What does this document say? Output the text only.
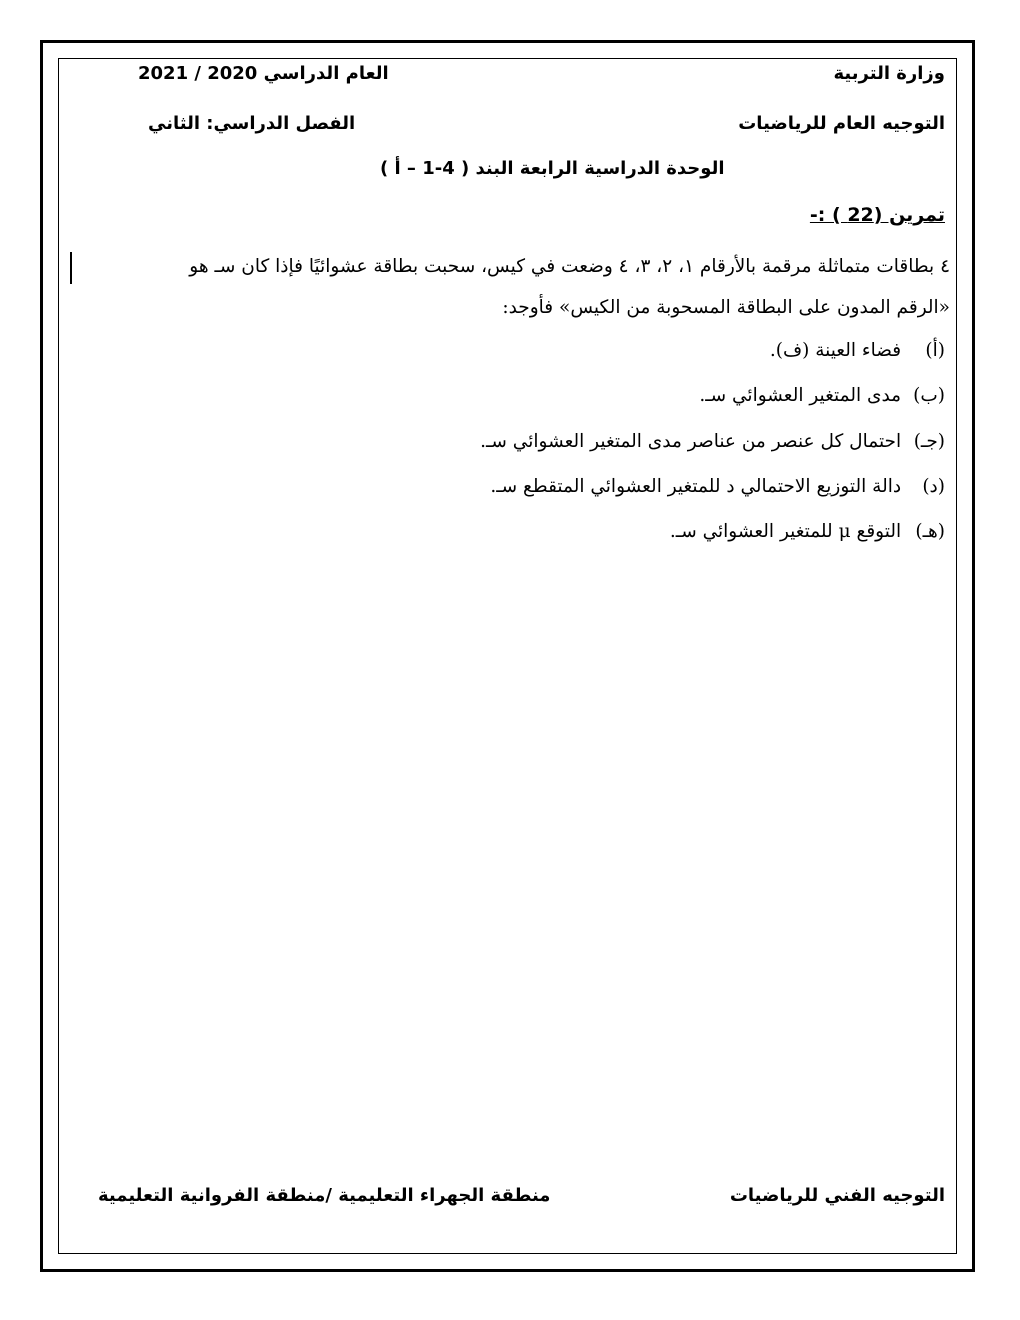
وزارة التربية
العام الدراسي 2021 / 2020
التوجيه العام للرياضيات
الفصل الدراسي: الثاني
الوحدة الدراسية الرابعة البند ( 4-1 – أ )
تمرين (22 ) :-
٤ بطاقات متماثلة مرقمة بالأرقام ١، ٢، ٣، ٤ وضعت في كيس، سحبت بطاقة عشوائيًا فإذا كان سـ هو
«الرقم المدون على البطاقة المسحوبة من الكيس» فأوجد:
(أ) فضاء العينة (ف).
(ب) مدى المتغير العشوائي سـ.
(جـ) احتمال كل عنصر من عناصر مدى المتغير العشوائي سـ.
(د) دالة التوزيع الاحتمالي د للمتغير العشوائي المتقطع سـ.
(هـ) التوقع μ للمتغير العشوائي سـ.
التوجيه الفني للرياضيات
منطقة الجهراء التعليمية /منطقة الفروانية التعليمية
